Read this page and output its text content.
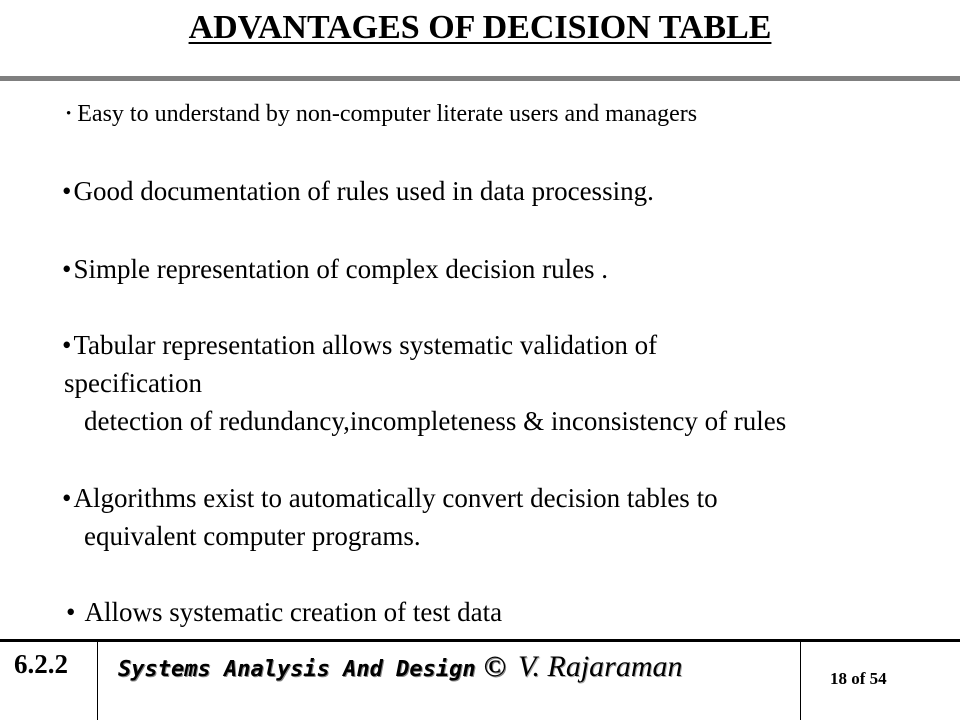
ADVANTAGES OF DECISION TABLE
• Easy to understand by non-computer literate users and managers
•Good documentation of rules used in data processing.
•Simple representation of complex decision rules .
•Tabular representation allows systematic validation of
specification
detection of redundancy,incompleteness & inconsistency of rules
•Algorithms exist to automatically convert decision tables to
equivalent computer programs.
• Allows systematic creation of test data
6.2.2 Systems Analysis And Design © V. Rajaraman	18 of 54
